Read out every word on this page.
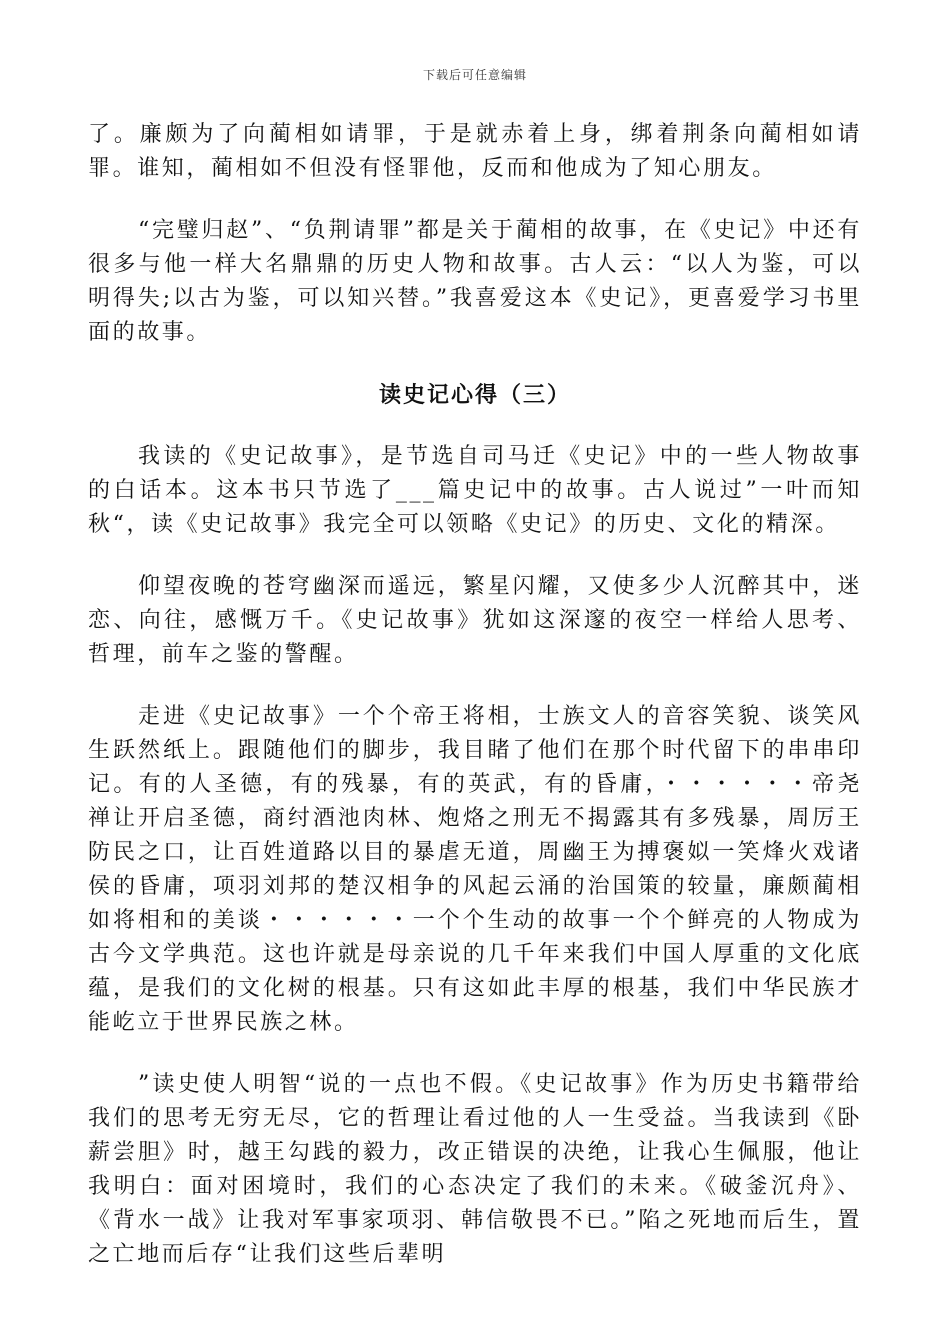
下载后可任意编辑

了。廉颇为了向蔺相如请罪，于是就赤着上身，绑着荆条向蔺相如请罪。谁知，蔺相如不但没有怪罪他，反而和他成为了知心朋友。

“完璧归赵”、“负荆请罪”都是关于蔺相的故事，在《史记》中还有很多与他一样大名鼎鼎的历史人物和故事。古人云：“以人为鉴，可以明得失;以古为鉴，可以知兴替。”我喜爱这本《史记》，更喜爱学习书里面的故事。

读史记心得（三）

我读的《史记故事》，是节选自司马迁《史记》中的一些人物故事的白话本。这本书只节选了___篇史记中的故事。古人说过”一叶而知秋“，读《史记故事》我完全可以领略《史记》的历史、文化的精深。

仰望夜晚的苍穹幽深而遥远，繁星闪耀，又使多少人沉醉其中，迷恋、向往，感慨万千。《史记故事》犹如这深邃的夜空一样给人思考、哲理，前车之鉴的警醒。

走进《史记故事》一个个帝王将相，士族文人的音容笑貌、谈笑风生跃然纸上。跟随他们的脚步，我目睹了他们在那个时代留下的串串印记。有的人圣德，有的残暴，有的英武，有的昏庸，・・・・・・帝尧禅让开启圣德，商纣酒池肉林、炮烙之刑无不揭露其有多残暴，周厉王防民之口，让百姓道路以目的暴虐无道，周幽王为搏褒姒一笑烽火戏诸侯的昏庸，项羽刘邦的楚汉相争的风起云涌的治国策的较量，廉颇蔺相如将相和的美谈・・・・・・一个个生动的故事一个个鲜亮的人物成为古今文学典范。这也许就是母亲说的几千年来我们中国人厚重的文化底蕴，是我们的文化树的根基。只有这如此丰厚的根基，我们中华民族才能屹立于世界民族之林。

”读史使人明智“说的一点也不假。《史记故事》作为历史书籍带给我们的思考无穷无尽，它的哲理让看过他的人一生受益。当我读到《卧薪尝胆》时，越王勾践的毅力，改正错误的决绝，让我心生佩服，他让我明白：面对困境时，我们的心态决定了我们的未来。《破釜沉舟》、《背水一战》让我对军事家项羽、韩信敬畏不已。”陷之死地而后生，置之亡地而后存“让我们这些后辈明
